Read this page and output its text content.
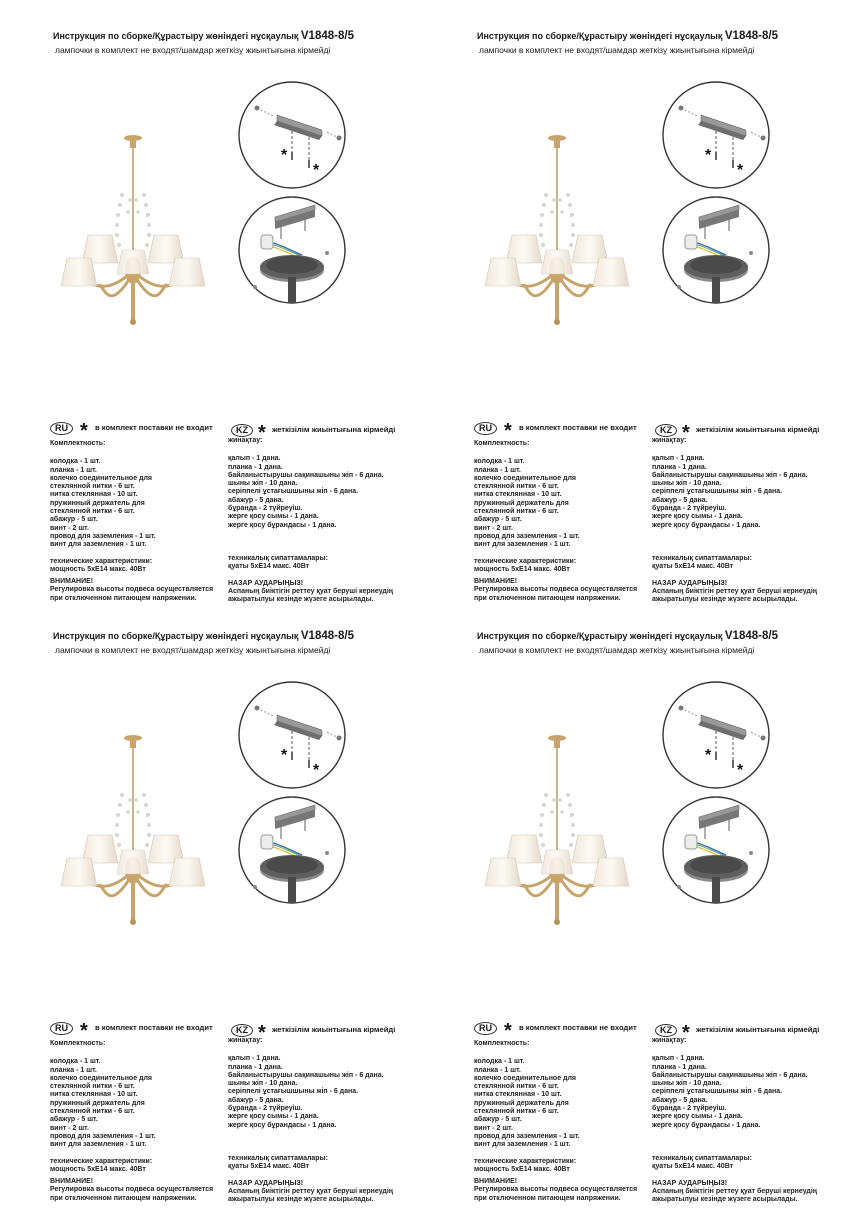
Инструкция по сборке/Құрастыру жөніндегі нұсқаулық V1848-8/5
лампочки в комплект не входят/шамдар жеткізу жиынтығына кірмейді
*
*
RU * в комплект поставки не входит	KZ * жеткізілім жиынтығына кірмейді
Комплектность:
колодка - 1 шт.
планка - 1 шт.
колечко соединительное для
стеклянной нитки - 6 шт.
нитка стеклянная - 10 шт.
пружинный держатель для
стеклянной нитки - 6 шт.
абажур - 5 шт.
винт - 2 шт.
провод для заземления - 1 шт.
винт для заземления - 1 шт.
технические характеристики:
мощность 5хЕ14 макс. 40Вт
ВНИМАНИЕ!
Регулировка высоты подвеса осуществляется
при отключенном питающем напряжении.
жинақтау:
қалып - 1 дана.
планка - 1 дана.
байланыстырушы сақинашыны жіп - 6 дана.
шыны жіп - 10 дана.
серіппелі ұстағышшыны жіп - 6 дана.
абажур - 5 дана.
бұранда - 2 түйреуіш.
жерге қосу сымы - 1 дана.
жерге қосу бұрандасы - 1 дана.
техникалық сипаттамалары:
қуаты 5хЕ14 макс. 40Вт
НАЗАР АУДАРЫҢЫЗ!
Аспаның биіктігін реттеу қуат беруші кернеудің
ажыратылуы кезінде жүзеге асырылады.
Инструкция по сборке/Құрастыру жөніндегі нұсқаулық V1848-8/5
лампочки в комплект не входят/шамдар жеткізу жиынтығына кірмейді
*
*
RU * в комплект поставки не входит	KZ * жеткізілім жиынтығына кірмейді
Комплектность:
колодка - 1 шт.
планка - 1 шт.
колечко соединительное для
стеклянной нитки - 6 шт.
нитка стеклянная - 10 шт.
пружинный держатель для
стеклянной нитки - 6 шт.
абажур - 5 шт.
винт - 2 шт.
провод для заземления - 1 шт.
винт для заземления - 1 шт.
технические характеристики:
мощность 5хЕ14 макс. 40Вт
ВНИМАНИЕ!
Регулировка высоты подвеса осуществляется
при отключенном питающем напряжении.
жинақтау:
қалып - 1 дана.
планка - 1 дана.
байланыстырушы сақинашыны жіп - 6 дана.
шыны жіп - 10 дана.
серіппелі ұстағышшыны жіп - 6 дана.
абажур - 5 дана.
бұранда - 2 түйреуіш.
жерге қосу сымы - 1 дана.
жерге қосу бұрандасы - 1 дана.
техникалық сипаттамалары:
қуаты 5хЕ14 макс. 40Вт
НАЗАР АУДАРЫҢЫЗ!
Аспаның биіктігін реттеу қуат беруші кернеудің
ажыратылуы кезінде жүзеге асырылады.
Инструкция по сборке/Құрастыру жөніндегі нұсқаулық V1848-8/5
лампочки в комплект не входят/шамдар жеткізу жиынтығына кірмейді
*
*
RU * в комплект поставки не входит	KZ * жеткізілім жиынтығына кірмейді
Комплектность:
колодка - 1 шт.
планка - 1 шт.
колечко соединительное для
стеклянной нитки - 6 шт.
нитка стеклянная - 10 шт.
пружинный держатель для
стеклянной нитки - 6 шт.
абажур - 5 шт.
винт - 2 шт.
провод для заземления - 1 шт.
винт для заземления - 1 шт.
технические характеристики:
мощность 5хЕ14 макс. 40Вт
ВНИМАНИЕ!
Регулировка высоты подвеса осуществляется
при отключенном питающем напряжении.
жинақтау:
қалып - 1 дана.
планка - 1 дана.
байланыстырушы сақинашыны жіп - 6 дана.
шыны жіп - 10 дана.
серіппелі ұстағышшыны жіп - 6 дана.
абажур - 5 дана.
бұранда - 2 түйреуіш.
жерге қосу сымы - 1 дана.
жерге қосу бұрандасы - 1 дана.
техникалық сипаттамалары:
қуаты 5хЕ14 макс. 40Вт
НАЗАР АУДАРЫҢЫЗ!
Аспаның биіктігін реттеу қуат беруші кернеудің
ажыратылуы кезінде жүзеге асырылады.
Инструкция по сборке/Құрастыру жөніндегі нұсқаулық V1848-8/5
лампочки в комплект не входят/шамдар жеткізу жиынтығына кірмейді
*
*
RU * в комплект поставки не входит	KZ * жеткізілім жиынтығына кірмейді
Комплектность:
колодка - 1 шт.
планка - 1 шт.
колечко соединительное для
стеклянной нитки - 6 шт.
нитка стеклянная - 10 шт.
пружинный держатель для
стеклянной нитки - 6 шт.
абажур - 5 шт.
винт - 2 шт.
провод для заземления - 1 шт.
винт для заземления - 1 шт.
технические характеристики:
мощность 5хЕ14 макс. 40Вт
ВНИМАНИЕ!
Регулировка высоты подвеса осуществляется
при отключенном питающем напряжении.
жинақтау:
қалып - 1 дана.
планка - 1 дана.
байланыстырушы сақинашыны жіп - 6 дана.
шыны жіп - 10 дана.
серіппелі ұстағышшыны жіп - 6 дана.
абажур - 5 дана.
бұранда - 2 түйреуіш.
жерге қосу сымы - 1 дана.
жерге қосу бұрандасы - 1 дана.
техникалық сипаттамалары:
қуаты 5хЕ14 макс. 40Вт
НАЗАР АУДАРЫҢЫЗ!
Аспаның биіктігін реттеу қуат беруші кернеудің
ажыратылуы кезінде жүзеге асырылады.
